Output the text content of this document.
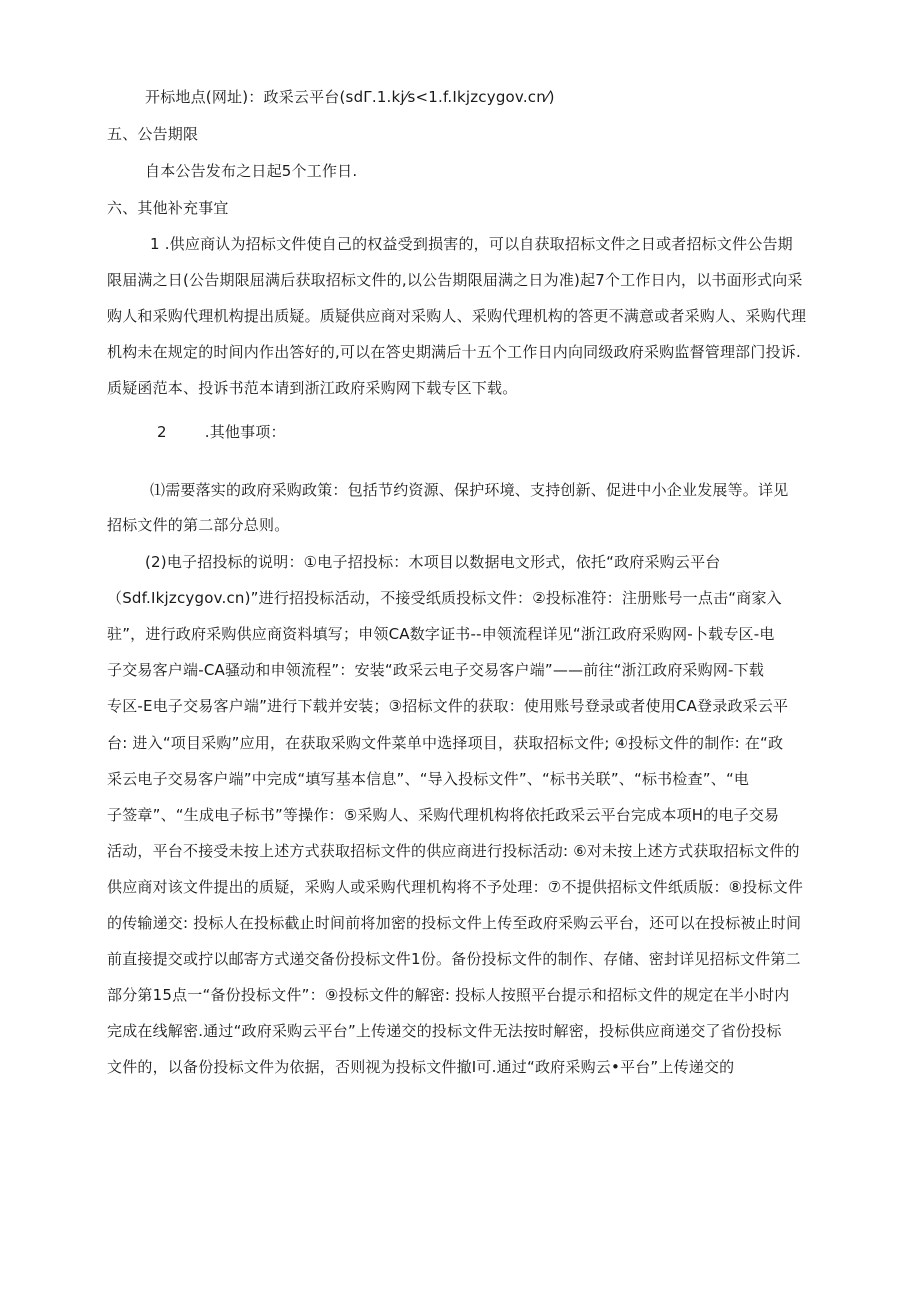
开标地点(网址)：政采云平台(sdΓ.1.kj⁄s<1.f.Ikjzcygov.cn⁄)
五、公告期限
自本公告发布之日起5个工作日.
六、其他补充事宜
1 .供应商认为招标文件使自己的权益受到损害的，可以自获取招标文件之日或者招标文件公告期
限届满之日(公告期限屈满后获取招标文件的,以公告期限届满之日为准)起7个工作日内，以书面形式向采
购人和采购代理机构提出质疑。质疑供应商对采购人、采购代理机构的答更不满意或者采购人、采购代理
机构未在规定的时间内作出答好的,可以在答史期满后十五个工作日内向同级政府采购监督管理部门投诉.
质疑函范本、投诉书范本请到浙江政府采购网下载专区下载。
2	.其他事项：
⑴需要落实的政府采购政策：包括节约资源、保护环境、支持创新、促进中小企业发展等。详见
招标文件的第二部分总则。
(2)电子招投标的说明：①电子招投标：木项目以数据电文形式，依托“政府采购云平台
（Sdf.Ikjzcygov.cn)”进行招投标活动，不接受纸质投标文件：②投标准符：注册账号一点击“商家入
驻”，进行政府采购供应商资料填写；申领CA数字证书--申领流程详见“浙江政府采购网-卜载专区-电
子交易客户端-CA骚动和申领流程”：安装“政采云电子交易客户端”——前往“浙江政府采购网-下载
专区-E电子交易客户端”进行下载并安装；③招标文件的获取：使用账号登录或者使用CA登录政采云平
台: 进入“项目采购”应用，在获取采购文件菜单中选择项目，获取招标文件; ④投标文件的制作: 在“政
采云电子交易客户端”中完成“填写基本信息”、“导入投标文件”、“标书关联”、“标书检查”、“电
子签章”、“生成电子标书”等操作：⑤采购人、采购代理机构将依托政采云平台完成本项H的电子交易
活动，平台不接受未按上述方式获取招标文件的供应商进行投标活动: ⑥对未按上述方式获取招标文件的
供应商对该文件提出的质疑，采购人或采购代理机构将不予处理：⑦不提供招标文件纸质版：⑧投标文件
的传输递交: 投标人在投标截止时间前将加密的投标文件上传至政府采购云平台，还可以在投标被止时间
前直接提交或拧以邮寄方式递交备份投标文件1份。备份投标文件的制作、存储、密封详见招标文件第二
部分第15点一“备份投标文件”：⑨投标文件的解密: 投标人按照平台提示和招标文件的规定在半小时内
完成在线解密.通过“政府采购云平台”上传递交的投标文件无法按时解密，投标供应商递交了省份投标
文件的，以备份投标文件为依据，否则视为投标文件撤I可.通过“政府采购云•平台”上传递交的
